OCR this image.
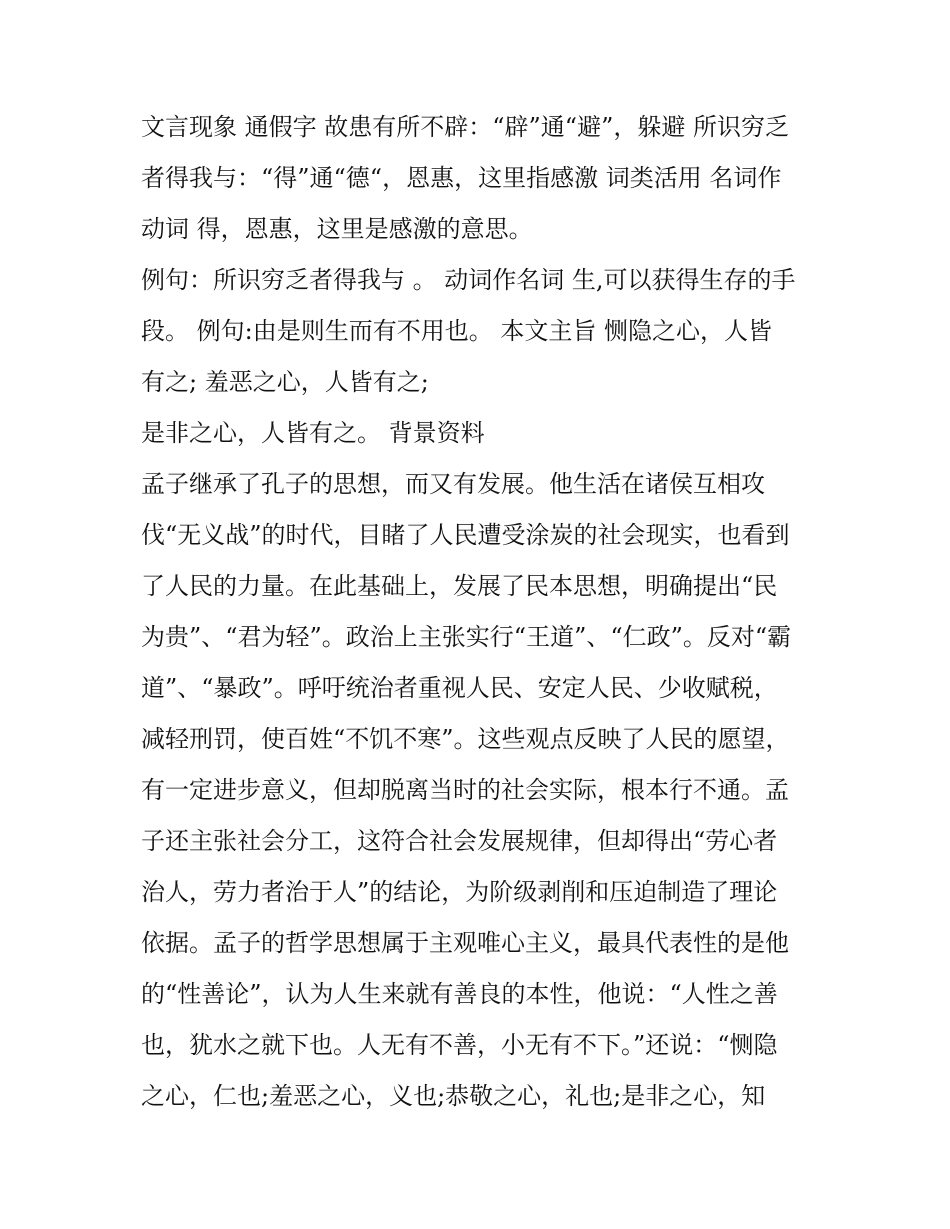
文言现象 通假字 故患有所不辟：“辟”通“避”，躲避 所识穷乏
者得我与：“得”通“德“，恩惠，这里指感激 词类活用 名词作
动词 得，恩惠，这里是感激的意思。
例句：所识穷乏者得我与 。 动词作名词 生,可以获得生存的手
段。 例句:由是则生而有不用也。 本文主旨 恻隐之心，人皆
有之; 羞恶之心，人皆有之;
是非之心，人皆有之。 背景资料
孟子继承了孔子的思想，而又有发展。他生活在诸侯互相攻
伐“无义战”的时代，目睹了人民遭受涂炭的社会现实，也看到
了人民的力量。在此基础上，发展了民本思想，明确提出“民
为贵”、“君为轻”。政治上主张实行“王道”、“仁政”。反对“霸
道”、“暴政”。呼吁统治者重视人民、安定人民、少收赋税，
减轻刑罚，使百姓“不饥不寒”。这些观点反映了人民的愿望，
有一定进步意义，但却脱离当时的社会实际，根本行不通。孟
子还主张社会分工，这符合社会发展规律，但却得出“劳心者
治人，劳力者治于人”的结论，为阶级剥削和压迫制造了理论
依据。孟子的哲学思想属于主观唯心主义，最具代表性的是他
的“性善论”，认为人生来就有善良的本性，他说：“人性之善
也，犹水之就下也。人无有不善，小无有不下。”还说：“恻隐
之心，仁也;羞恶之心，义也;恭敬之心，礼也;是非之心，知
